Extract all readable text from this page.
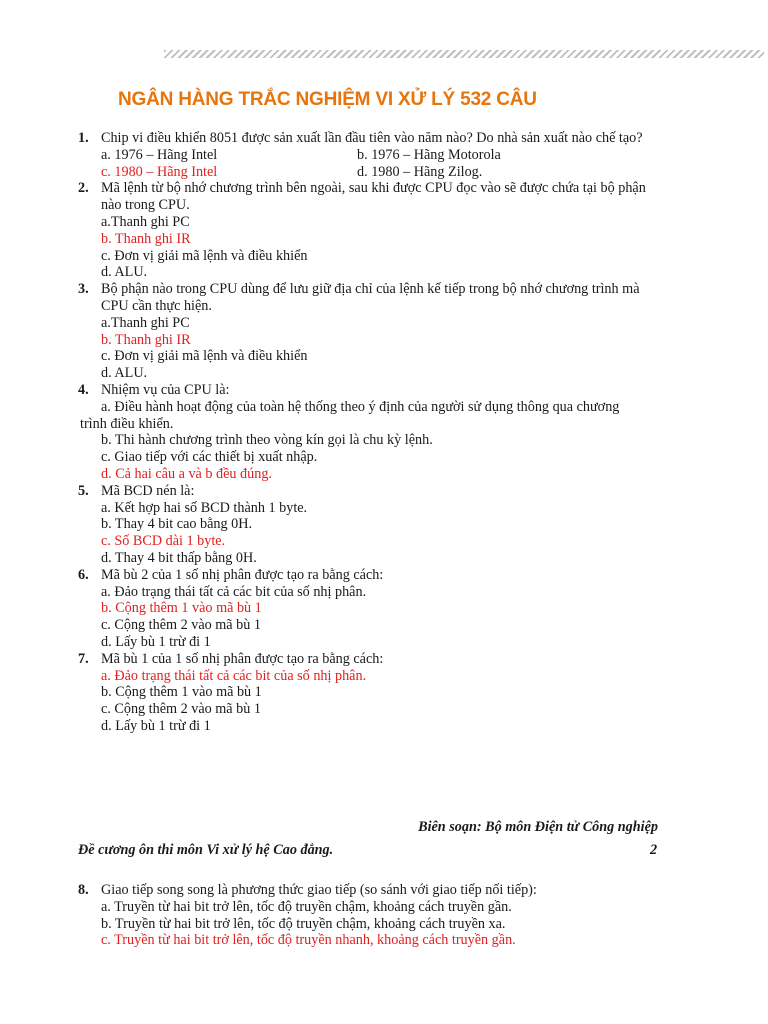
NGÂN HÀNG TRẮC NGHIỆM VI XỬ LÝ 532 CÂU
1. Chip vi điều khiển 8051 được sản xuất lần đầu tiên vào năm nào? Do nhà sản xuất nào chế tạo?
a. 1976 – Hãng Intel	b. 1976 – Hãng Motorola
c. 1980 – Hãng Intel	d. 1980 – Hãng Zilog.
2. Mã lệnh từ bộ nhớ chương trình bên ngoài, sau khi được CPU đọc vào sẽ được chứa tại bộ phận nào trong CPU.
a.Thanh ghi PC
b. Thanh ghi IR
c. Đơn vị giải mã lệnh và điều khiển
d. ALU.
3. Bộ phận nào trong CPU dùng để lưu giữ địa chỉ của lệnh kế tiếp trong bộ nhớ chương trình mà CPU cần thực hiện.
a.Thanh ghi PC
b. Thanh ghi IR
c. Đơn vị giải mã lệnh và điều khiển
d. ALU.
4. Nhiệm vụ của CPU là:
a. Điều hành hoạt động của toàn hệ thống theo ý định của người sử dụng thông qua chương trình điều khiển.
b. Thi hành chương trình theo vòng kín gọi là chu kỳ lệnh.
c. Giao tiếp với các thiết bị xuất nhập.
d. Cả hai câu a và b đều đúng.
5. Mã BCD nén là:
a. Kết hợp hai số BCD thành 1 byte.
b. Thay 4 bit cao bằng 0H.
c. Số BCD dài 1 byte.
d. Thay 4 bit thấp bằng 0H.
6. Mã bù 2 của 1 số nhị phân được tạo ra bằng cách:
a. Đảo trạng thái tất cả các bit của số nhị phân.
b. Cộng thêm 1 vào mã bù 1
c. Cộng thêm 2 vào mã bù 1
d. Lấy bù 1 trừ đi 1
7. Mã bù 1 của 1 số nhị phân được tạo ra bằng cách:
a. Đảo trạng thái tất cả các bit của số nhị phân.
b. Cộng thêm 1 vào mã bù 1
c. Cộng thêm 2 vào mã bù 1
d. Lấy bù 1 trừ đi 1
Biên soạn: Bộ môn Điện tử Công nghiệp
Đề cương ôn thi môn Vi xử lý hệ Cao đẳng.	2
8. Giao tiếp song song là phương thức giao tiếp (so sánh với giao tiếp nối tiếp):
a. Truyền từ hai bit trở lên, tốc độ truyền chậm, khoảng cách truyền gần.
b. Truyền từ hai bit trở lên, tốc độ truyền chậm, khoảng cách truyền xa.
c. Truyền từ hai bit trở lên, tốc độ truyền nhanh, khoảng cách truyền gần.
